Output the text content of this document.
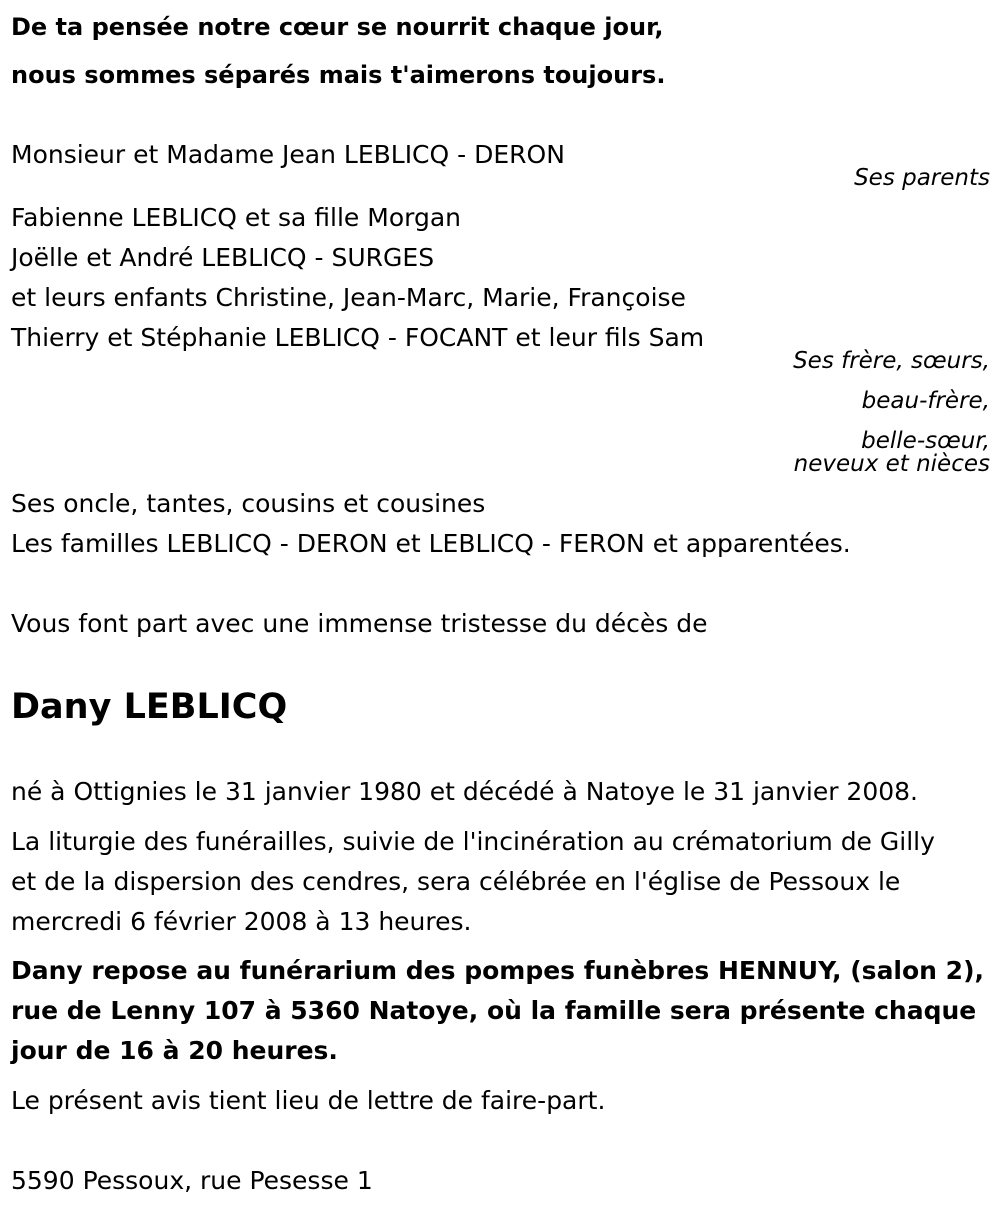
De ta pensée notre cœur se nourrit chaque jour,
nous sommes séparés mais t'aimerons toujours.
Monsieur et Madame Jean LEBLICQ - DERON
Ses parents
Fabienne LEBLICQ et sa fille Morgan
Joëlle et André LEBLICQ - SURGES
et leurs enfants Christine, Jean-Marc, Marie, Françoise
Thierry et Stéphanie LEBLICQ - FOCANT et leur fils Sam
Ses frère, sœurs,
beau-frère,
belle-sœur,
neveux et nièces
Ses oncle, tantes, cousins et cousines
Les familles LEBLICQ - DERON et LEBLICQ - FERON et apparentées.
Vous font part avec une immense tristesse du décès de
Dany LEBLICQ
né à Ottignies le 31 janvier 1980 et décédé à Natoye le 31 janvier 2008.
La liturgie des funérailles, suivie de l'incinération au crématorium de Gilly
et de la dispersion des cendres, sera célébrée en l'église de Pessoux le
mercredi 6 février 2008 à 13 heures.
Dany repose au funérarium des pompes funèbres HENNUY, (salon 2),
rue de Lenny 107 à 5360 Natoye, où la famille sera présente chaque
jour de 16 à 20 heures.
Le présent avis tient lieu de lettre de faire-part.
5590 Pessoux, rue Pesesse 1
